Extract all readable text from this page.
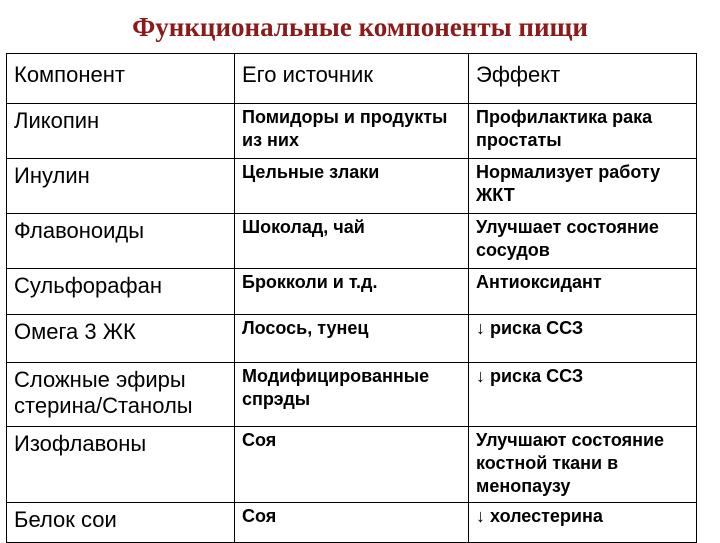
Функциональные компоненты пищи
Компонент	Его источник	Эффект
Ликопин	Помидоры и продукты из них	Профилактика рака простаты
Инулин	Цельные злаки	Нормализует работу ЖКТ
Флавоноиды	Шоколад, чай	Улучшает состояние сосудов
Сульфорафан	Брокколи и т.д.	Антиоксидант
Омега 3 ЖК	Лосось, тунец	↓ риска ССЗ
Сложные эфиры стерина/Станолы	Модифицированные спрэды	↓ риска ССЗ
Изофлавоны	Соя	Улучшают состояние костной ткани в менопаузу
Белок сои	Соя	↓ холестерина
